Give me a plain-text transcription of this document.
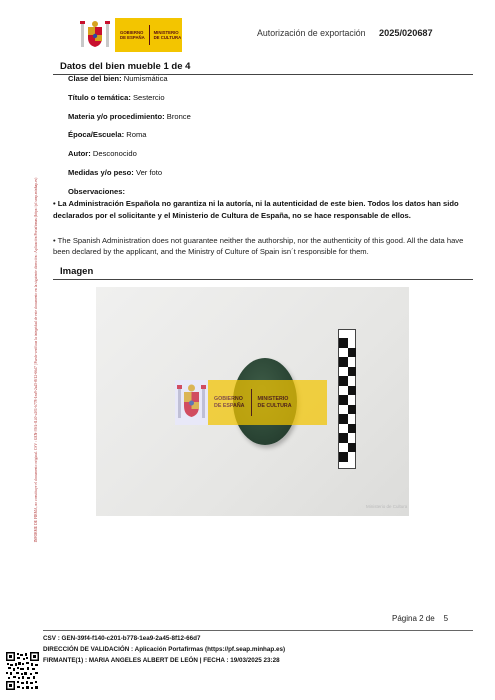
INFORME DE FIRMA, no constituye el documento original. CSV : GEN-39f4-f140-c201-b778-1ea9-2a45-8f12-66d7 | Puede verificar la integridad de este documento en la siguiente dirección : Aplicación Portafirmas (https://pf.seap.minhap.es)
GOBIERNO
DE ESPAÑA
MINISTERIO
DE CULTURA	Autorización de exportación 2025/020687
Datos del bien mueble 1 de 4
Clase del bien: Numismática
Título o temática: Sestercio
Materia y/o procedimiento: Bronce
Época/Escuela: Roma
Autor: Desconocido
Medidas y/o peso: Ver foto
Observaciones:
• La Administración Española no garantiza ni la autoría, ni la autenticidad de este bien. Todos los datos han sido declarados por el solicitante y el Ministerio de Cultura de España, no se hace responsable de ellos.
• The Spanish Administration does not guarantee neither the authorship, nor the authenticity of this good. All the data have been declared by the applicant, and the Ministry of Culture of Spain isn´t responsible for them.
Imagen
Ministerio de Cultura
GOBIERNO
DE ESPAÑA
MINISTERIO
DE CULTURA
Página 2 de 5
CSV : GEN-39f4-f140-c201-b778-1ea9-2a45-8f12-66d7
DIRECCIÓN DE VALIDACIÓN : Aplicación Portafirmas (https://pf.seap.minhap.es)
FIRMANTE(1) : MARIA ANGELES ALBERT DE LEÓN | FECHA : 19/03/2025 23:28
